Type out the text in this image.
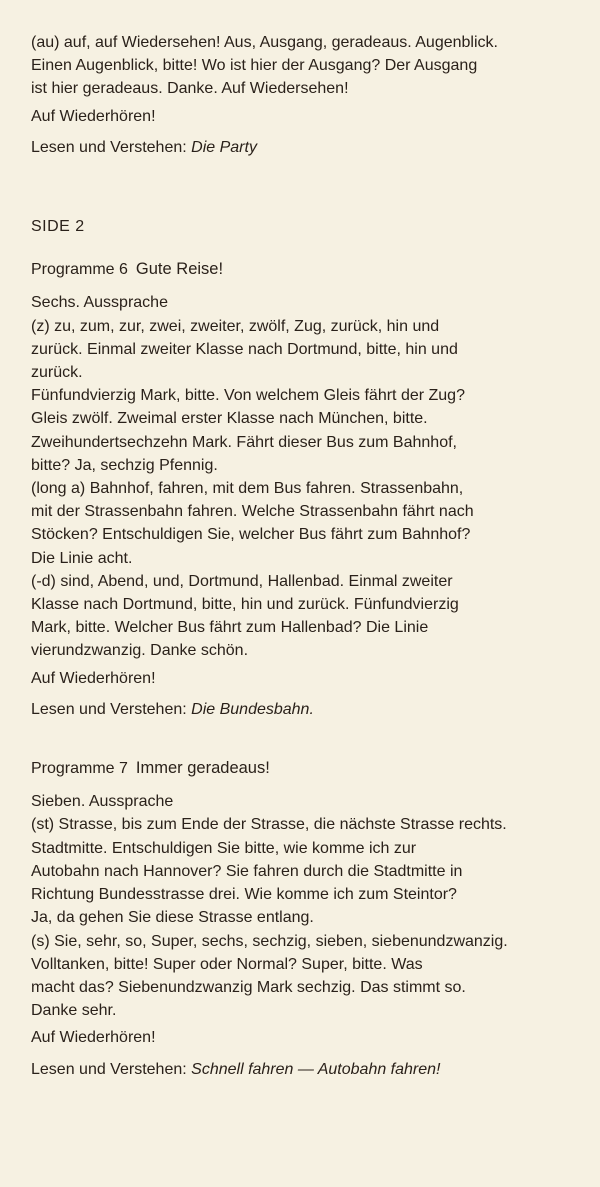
(au) auf, auf Wiedersehen! Aus, Ausgang, geradeaus. Augenblick.
Einen Augenblick, bitte! Wo ist hier der Ausgang? Der Ausgang
ist hier geradeaus. Danke. Auf Wiedersehen!

Auf Wiederhören!

Lesen und Verstehen: Die Party

SIDE 2

Programme 6 Gute Reise!

Sechs. Aussprache
(z) zu, zum, zur, zwei, zweiter, zwölf, Zug, zurück, hin und
zurück. Einmal zweiter Klasse nach Dortmund, bitte, hin und
zurück.
Fünfundvierzig Mark, bitte. Von welchem Gleis fährt der Zug?
Gleis zwölf. Zweimal erster Klasse nach München, bitte.
Zweihundertsechzehn Mark. Fährt dieser Bus zum Bahnhof,
bitte? Ja, sechzig Pfennig.
(long a) Bahnhof, fahren, mit dem Bus fahren. Strassenbahn,
mit der Strassenbahn fahren. Welche Strassenbahn fährt nach
Stöcken? Entschuldigen Sie, welcher Bus fährt zum Bahnhof?
Die Linie acht.
(-d) sind, Abend, und, Dortmund, Hallenbad. Einmal zweiter
Klasse nach Dortmund, bitte, hin und zurück. Fünfundvierzig
Mark, bitte. Welcher Bus fährt zum Hallenbad? Die Linie
vierundzwanzig. Danke schön.

Auf Wiederhören!

Lesen und Verstehen: Die Bundesbahn.

Programme 7 Immer geradeaus!

Sieben. Aussprache
(st) Strasse, bis zum Ende der Strasse, die nächste Strasse rechts.
Stadtmitte. Entschuldigen Sie bitte, wie komme ich zur
Autobahn nach Hannover? Sie fahren durch die Stadtmitte in
Richtung Bundesstrasse drei. Wie komme ich zum Steintor?
Ja, da gehen Sie diese Strasse entlang.
(s) Sie, sehr, so, Super, sechs, sechzig, sieben, siebenundzwanzig.
Volltanken, bitte! Super oder Normal? Super, bitte. Was
macht das? Siebenundzwanzig Mark sechzig. Das stimmt so.
Danke sehr.

Auf Wiederhören!

Lesen und Verstehen: Schnell fahren — Autobahn fahren!
